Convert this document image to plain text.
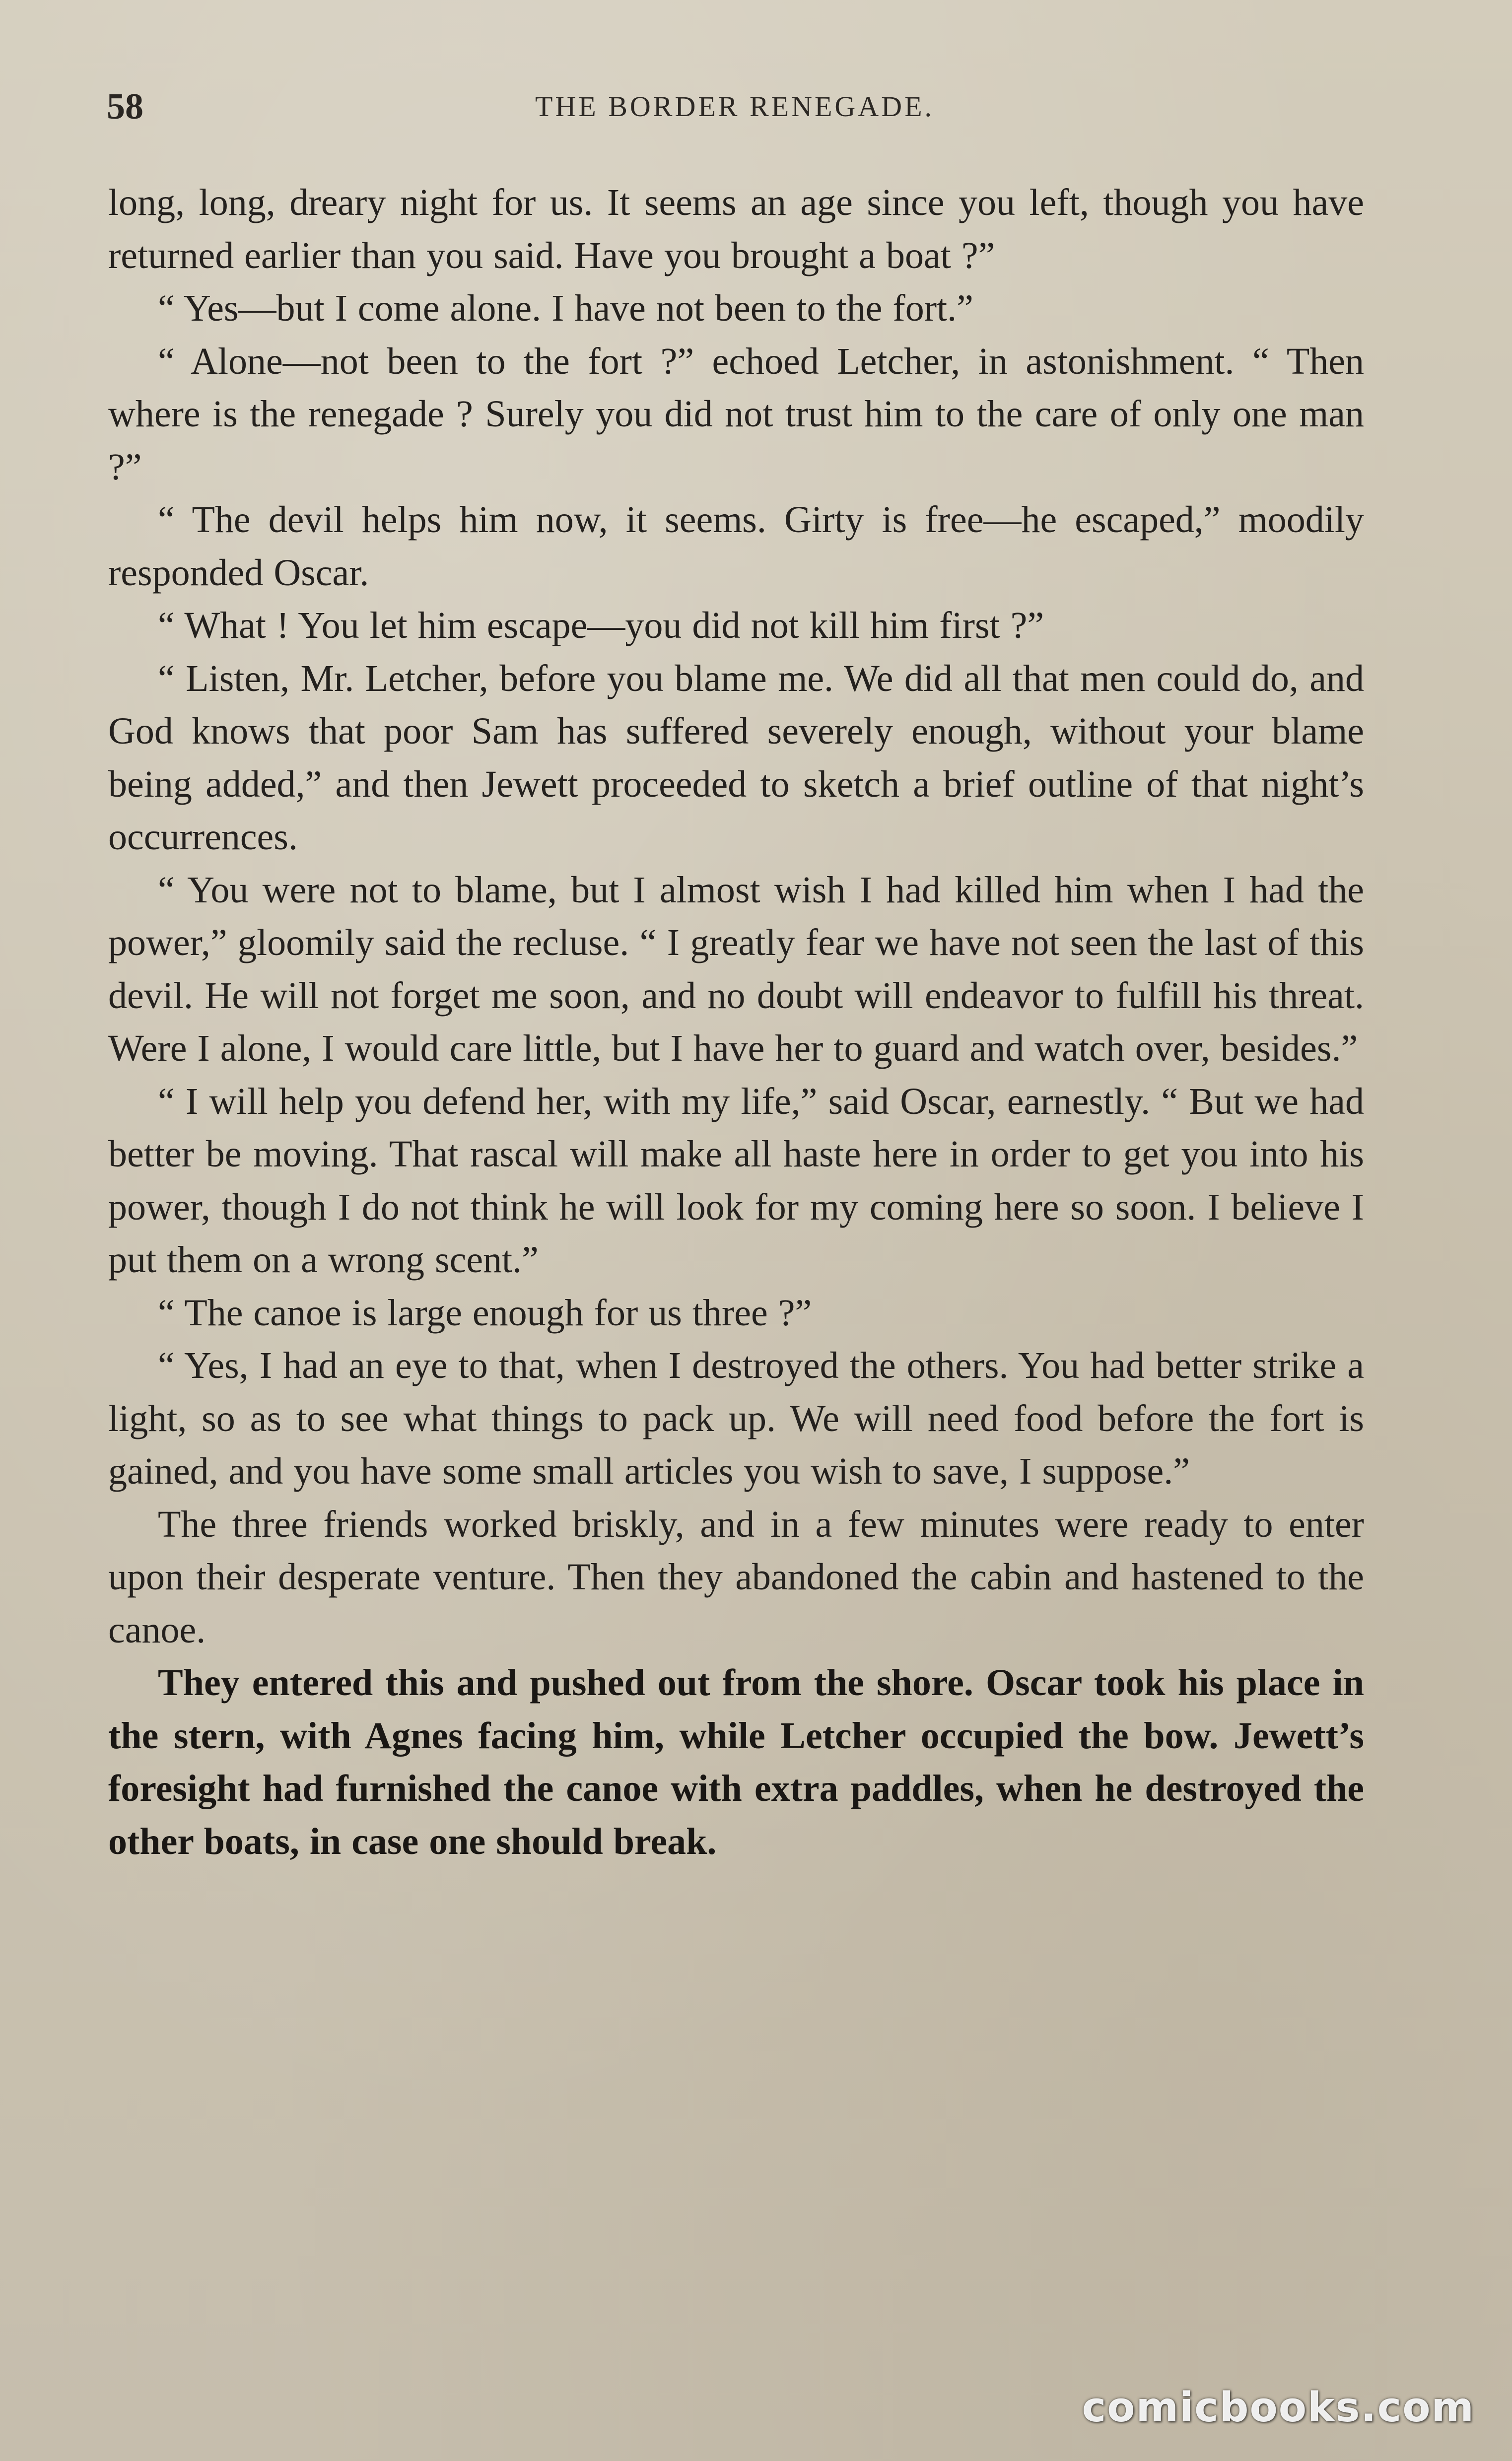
58	THE BORDER RENEGADE.

long, long, dreary night for us. It seems an age since you left, though you have returned earlier than you said. Have you brought a boat ?”

“ Yes—but I come alone. I have not been to the fort.”

“ Alone—not been to the fort ?” echoed Letcher, in astonishment. “ Then where is the renegade ? Surely you did not trust him to the care of only one man ?”

“ The devil helps him now, it seems. Girty is free—he escaped,” moodily responded Oscar.

“ What ! You let him escape—you did not kill him first ?”

“ Listen, Mr. Letcher, before you blame me. We did all that men could do, and God knows that poor Sam has suffered severely enough, without your blame being added,” and then Jewett proceeded to sketch a brief outline of that night’s occurrences.

“ You were not to blame, but I almost wish I had killed him when I had the power,” gloomily said the recluse. “ I greatly fear we have not seen the last of this devil. He will not forget me soon, and no doubt will endeavor to fulfill his threat. Were I alone, I would care little, but I have her to guard and watch over, besides.”

“ I will help you defend her, with my life,” said Oscar, earnestly. “ But we had better be moving. That rascal will make all haste here in order to get you into his power, though I do not think he will look for my coming here so soon. I believe I put them on a wrong scent.”

“ The canoe is large enough for us three ?”

“ Yes, I had an eye to that, when I destroyed the others. You had better strike a light, so as to see what things to pack up. We will need food before the fort is gained, and you have some small articles you wish to save, I suppose.”

The three friends worked briskly, and in a few minutes were ready to enter upon their desperate venture. Then they abandoned the cabin and hastened to the canoe.

They entered this and pushed out from the shore. Oscar took his place in the stern, with Agnes facing him, while Letcher occupied the bow. Jewett’s foresight had furnished the canoe with extra paddles, when he destroyed the other boats, in case one should break.

comicbooks.com
